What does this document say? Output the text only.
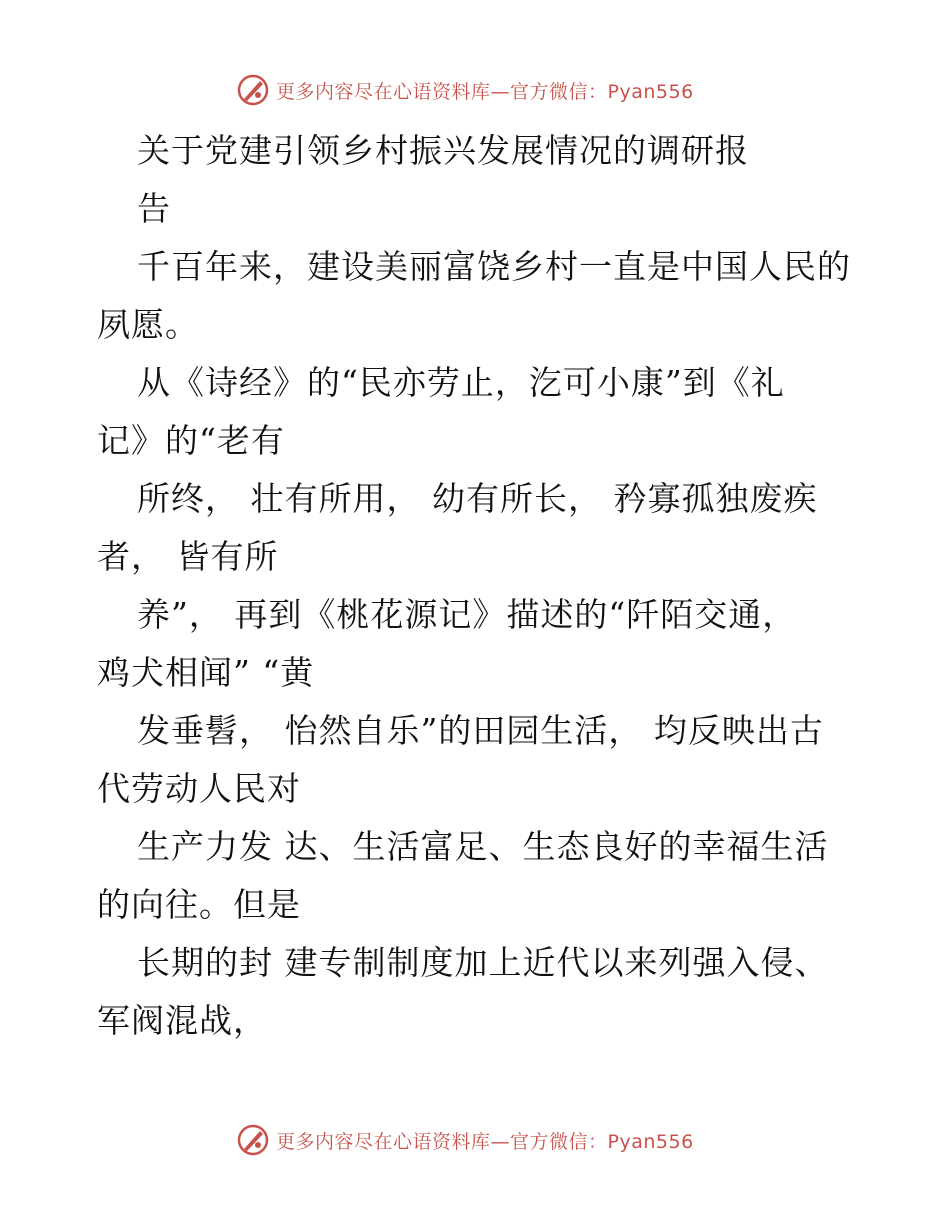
更多内容尽在心语资料库—官方微信：Pyan556
关于党建引领乡村振兴发展情况的调研报
告
千百年来，建设美丽富饶乡村一直是中国人民的
夙愿。
从《诗经》的“民亦劳止，汔可小康”到《礼
记》的“老有
所终， 壮有所用， 幼有所长， 矜寡孤独废疾
者， 皆有所
养”， 再到《桃花源记》描述的“阡陌交通，
鸡犬相闻” “黄
发垂髫， 怡然自乐”的田园生活， 均反映出古
代劳动人民对
生产力发 达、生活富足、生态良好的幸福生活
的向往。但是
长期的封 建专制制度加上近代以来列强入侵、
军阀混战，
更多内容尽在心语资料库—官方微信：Pyan556
